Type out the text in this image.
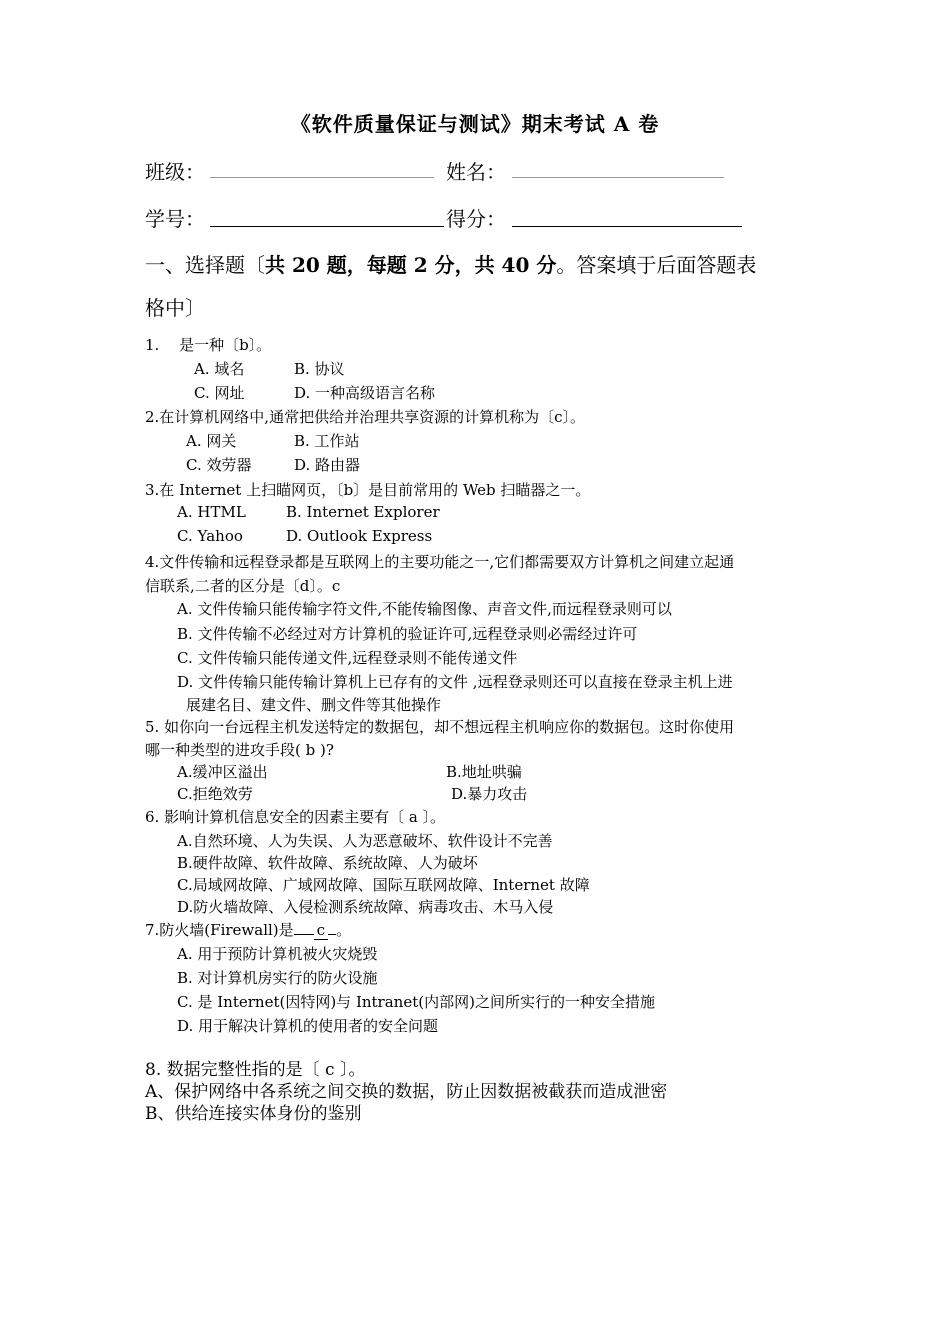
《软件质量保证与测试》期末考试 A 卷
班级：	姓名：
学号：	得分：
一、选择题〔共 20 题，每题 2 分，共 40 分。答案填于后面答题表
格中〕
1.　 是一种〔b〕。
A. 域名	B. 协议
C. 网址	D. 一种高级语言名称
2.在计算机网络中,通常把供给并治理共享资源的计算机称为〔c〕。
A. 网关	B. 工作站
C. 效劳器	D. 路由器
3.在 Internet 上扫瞄网页，〔b〕是目前常用的 Web 扫瞄器之一。
A. HTML	B. Internet Explorer
C. Yahoo	D. Outlook Express
4.文件传输和远程登录都是互联网上的主要功能之一,它们都需要双方计算机之间建立起通
信联系,二者的区分是〔d〕。c
A. 文件传输只能传输字符文件,不能传输图像、声音文件,而远程登录则可以
B. 文件传输不必经过对方计算机的验证许可,远程登录则必需经过许可
C. 文件传输只能传递文件,远程登录则不能传递文件
D. 文件传输只能传输计算机上已存有的文件 ,远程登录则还可以直接在登录主机上进
展建名目、建文件、删文件等其他操作
5. 如你向一台远程主机发送特定的数据包，却不想远程主机响应你的数据包。这时你使用
哪一种类型的进攻手段( b )?
A.缓冲区溢出	B.地址哄骗
C.拒绝效劳	D.暴力攻击
6. 影响计算机信息安全的因素主要有〔 a 〕。
A.自然环境、人为失误、人为恶意破坏、软件设计不完善
B.硬件故障、软件故障、系统故障、人为破坏
C.局域网故障、广域网故障、国际互联网故障、Internet 故障
D.防火墙故障、入侵检测系统故障、病毒攻击、木马入侵
7.防火墙(Firewall)是 c 。
A. 用于预防计算机被火灾烧毁
B. 对计算机房实行的防火设施
C. 是 Internet(因特网)与 Intranet(内部网)之间所实行的一种安全措施
D. 用于解决计算机的使用者的安全问题
8. 数据完整性指的是〔 c 〕。
A、保护网络中各系统之间交换的数据，防止因数据被截获而造成泄密
B、供给连接实体身份的鉴别
